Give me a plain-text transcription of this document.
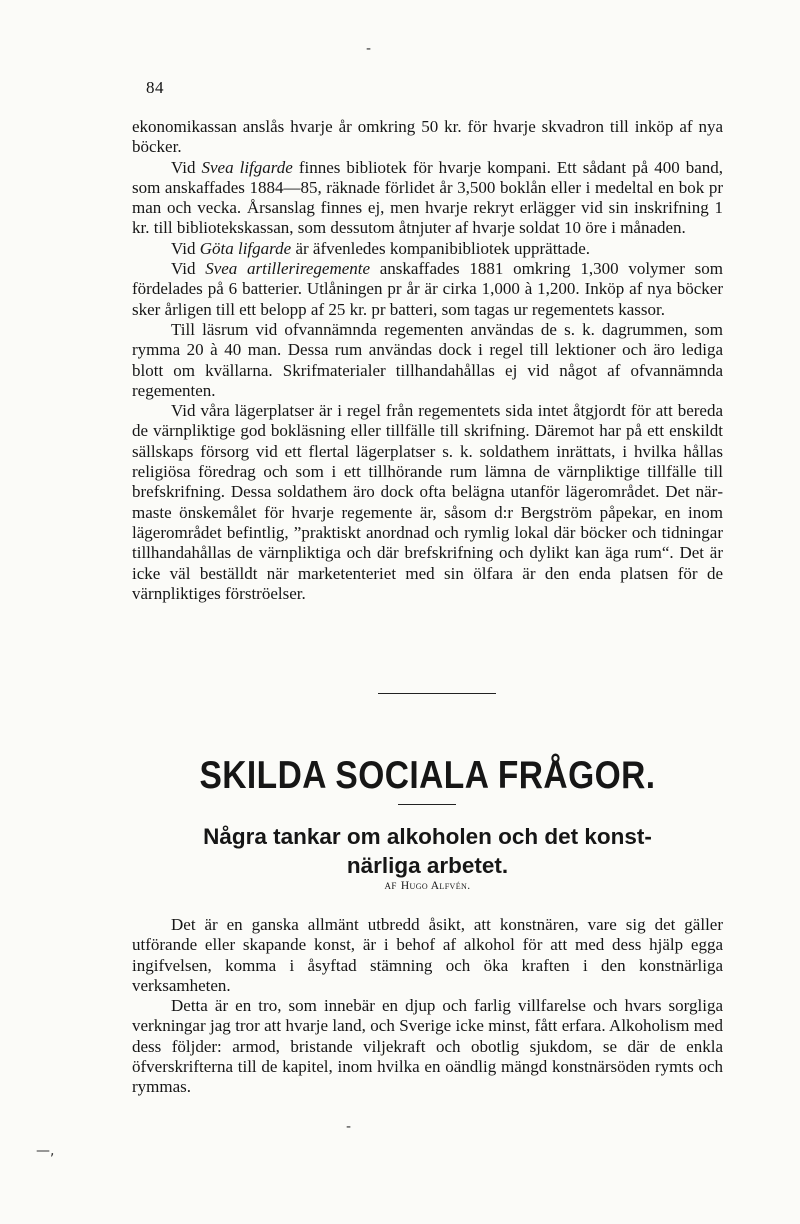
-
—,
-
84

ekonomikassan anslås hvarje år omkring 50 kr. för hvarje skvadron till inköp af nya böcker.

Vid Svea lifgarde finnes bibliotek för hvarje kompani. Ett sådant på 400 band, som anskaffades 1884—85, räknade förlidet år 3,500 boklån eller i medeltal en bok pr man och vecka. Årsanslag finnes ej, men hvarje rekryt erlägger vid sin inskrifning 1 kr. till bibliotekskassan, som dessutom åtnjuter af hvarje soldat 10 öre i månaden.

Vid Göta lifgarde är äfvenledes kompanibibliotek upprättade.

Vid Svea artilleriregemente anskaffades 1881 omkring 1,300 volymer som fördelades på 6 batterier. Utlåningen pr år är cirka 1,000 à 1,200. Inköp af nya böcker sker årligen till ett belopp af 25 kr. pr batteri, som tagas ur regementets kassor.

Till läsrum vid ofvannämnda regementen användas de s. k. dagrummen, som rymma 20 à 40 man. Dessa rum användas dock i regel till lektioner och äro lediga blott om kvällarna. Skrifmaterialer tillhandahållas ej vid något af ofvannämnda regementen.

Vid våra lägerplatser är i regel från regementets sida intet åtgjordt för att bereda de värnpliktige god bokläsning eller tillfälle till skrifning. Däremot har på ett enskildt sällskaps försorg vid ett flertal lägerplatser s. k. soldathem inrättats, i hvilka hållas religiösa föredrag och som i ett tillhörande rum lämna de värnpliktige tillfälle till brefskrifning. Dessa soldathem äro dock ofta belägna utanför lägerområdet. Det närmaste önskemålet för hvarje regemente är, såsom d:r Bergström påpekar, en inom lägerområdet befintlig, ”praktiskt anordnad och rymlig lokal där böcker och tidningar tillhandahållas de värnpliktiga och där brefskrifning och dylikt kan äga rum“. Det är icke väl beställdt när marketenteriet med sin ölfara är den enda platsen för de värnpliktiges förströelser.

SKILDA SOCIALA FRÅGOR.
Några tankar om alkoholen och det konst-
närliga arbetet.
AF Hugo Alfvén.

Det är en ganska allmänt utbredd åsikt, att konstnären, vare sig det gäller utförande eller skapande konst, är i behof af alkohol för att med dess hjälp egga ingifvelsen, komma i åsyftad stämning och öka kraften i den konstnärliga verksamheten.

Detta är en tro, som innebär en djup och farlig villfarelse och hvars sorgliga verkningar jag tror att hvarje land, och Sverige icke minst, fått erfara. Alkoholism med dess följder: armod, bristande viljekraft och obotlig sjukdom, se där de enkla öfverskrifterna till de kapitel, inom hvilka en oändlig mängd konstnärsöden rymts och rymmas.
